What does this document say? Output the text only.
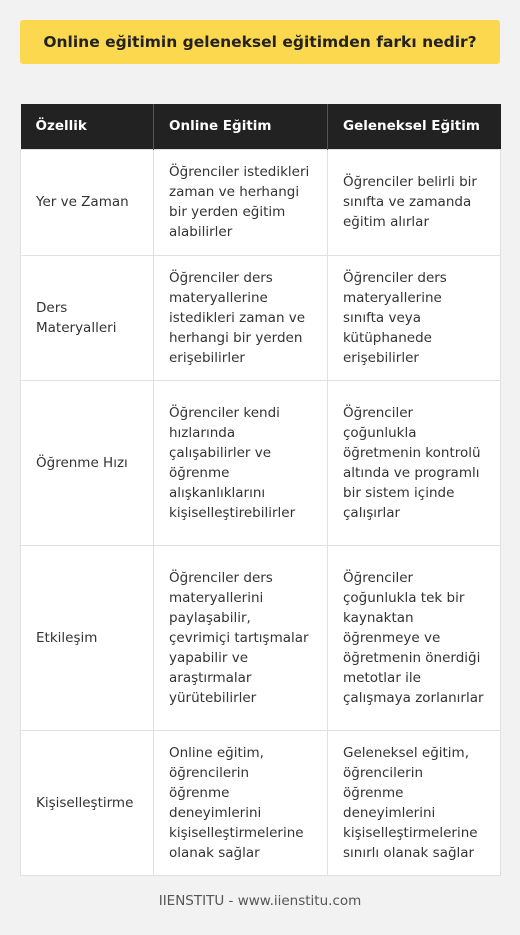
Online eğitimin geleneksel eğitimden farkı nedir?
Özellik	Online Eğitim	Geleneksel Eğitim
Yer ve Zaman	Öğrenciler istedikleri zaman ve herhangi bir yerden eğitim alabilirler	Öğrenciler belirli bir sınıfta ve zamanda eğitim alırlar
Ders Materyalleri	Öğrenciler ders materyallerine istedikleri zaman ve herhangi bir yerden erişebilirler	Öğrenciler ders materyallerine sınıfta veya kütüphanede erişebilirler
Öğrenme Hızı	Öğrenciler kendi hızlarında çalışabilirler ve öğrenme alışkanlıklarını kişiselleştirebilirler	Öğrenciler çoğunlukla öğretmenin kontrolü altında ve programlı bir sistem içinde çalışırlar
Etkileşim	Öğrenciler ders materyallerini paylaşabilir, çevrimiçi tartışmalar yapabilir ve araştırmalar yürütebilirler	Öğrenciler çoğunlukla tek bir kaynaktan öğrenmeye ve öğretmenin önerdiği metotlar ile çalışmaya zorlanırlar
Kişiselleştirme	Online eğitim, öğrencilerin öğrenme deneyimlerini kişiselleştirmelerine olanak sağlar	Geleneksel eğitim, öğrencilerin öğrenme deneyimlerini kişiselleştirmelerine sınırlı olanak sağlar
IIENSTITU - www.iienstitu.com
